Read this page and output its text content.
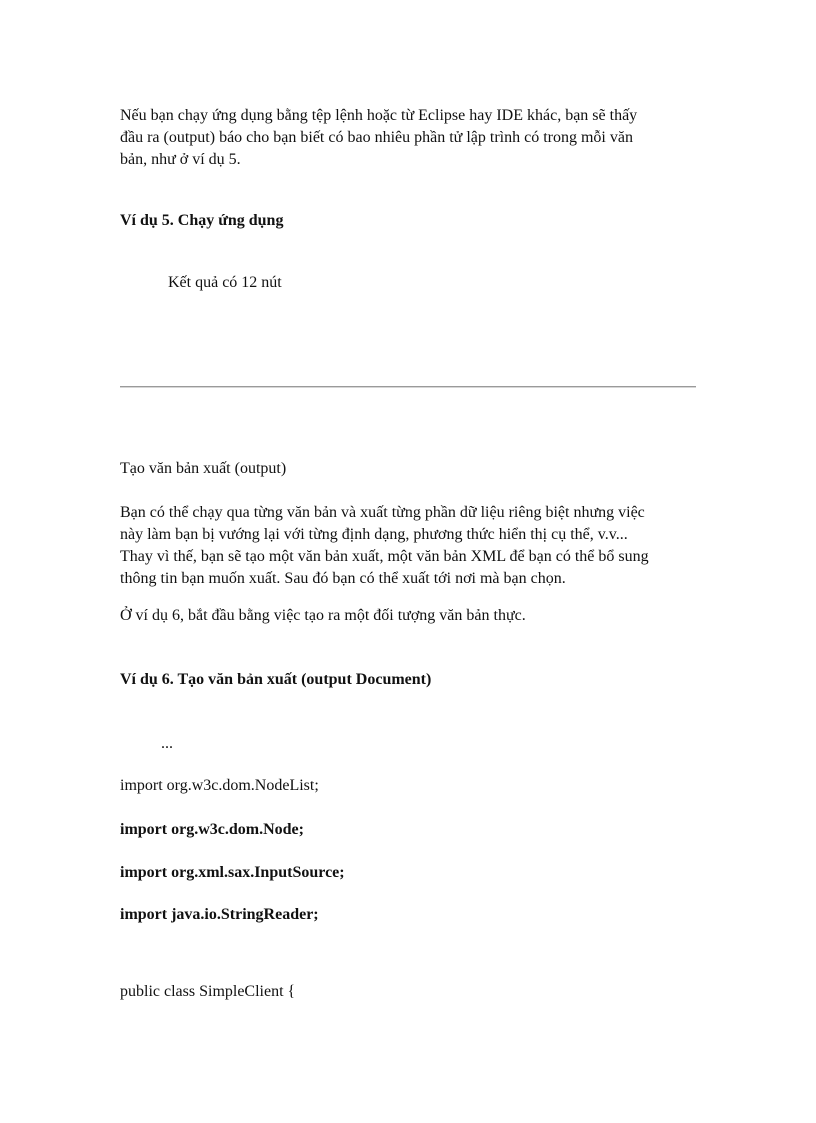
Nếu bạn chạy ứng dụng bằng tệp lệnh hoặc từ Eclipse hay IDE khác, bạn sẽ thấy
đầu ra (output) báo cho bạn biết có bao nhiêu phần tử lập trình có trong mỗi văn
bản, như ở ví dụ 5.

Ví dụ 5. Chạy ứng dụng

Kết quả có 12 nút

Tạo văn bản xuất (output)

Bạn có thể chạy qua từng văn bản và xuất từng phần dữ liệu riêng biệt nhưng việc
này làm bạn bị vướng lại với từng định dạng, phương thức hiển thị cụ thể, v.v...
Thay vì thế, bạn sẽ tạo một văn bản xuất, một văn bản XML để bạn có thể bổ sung
thông tin bạn muốn xuất. Sau đó bạn có thể xuất tới nơi mà bạn chọn.

Ở ví dụ 6, bắt đầu bằng việc tạo ra một đối tượng văn bản thực.

Ví dụ 6. Tạo văn bản xuất (output Document)

...

import org.w3c.dom.NodeList;

import org.w3c.dom.Node;

import org.xml.sax.InputSource;

import java.io.StringReader;

public class SimpleClient {
